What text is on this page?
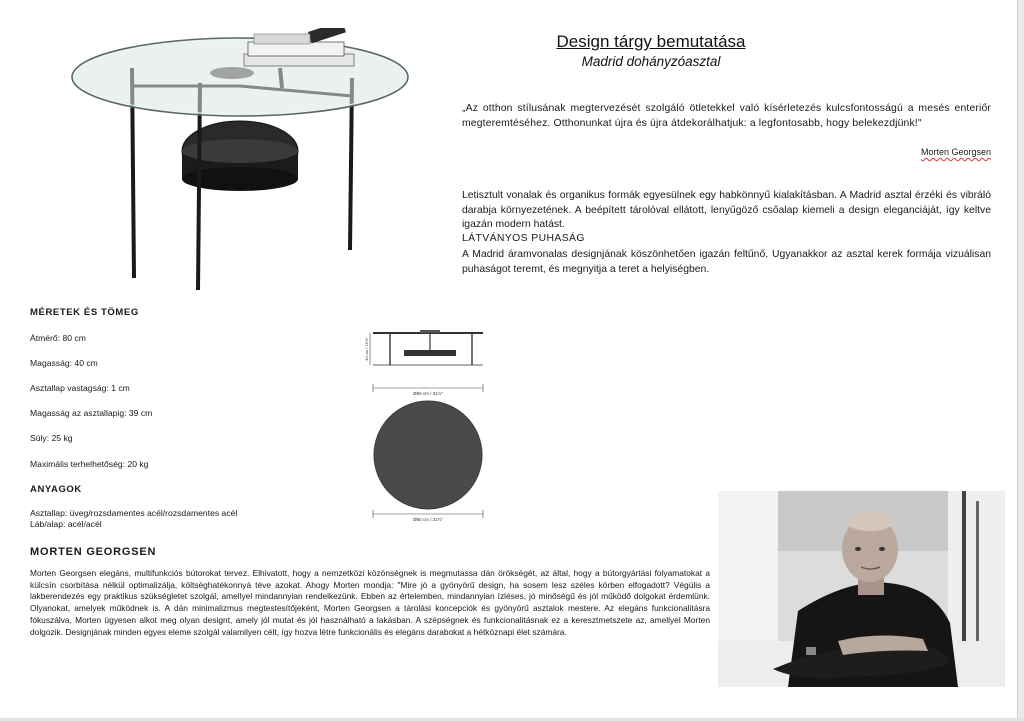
Design tárgy bemutatása
Madrid dohányzóasztal
„Az otthon stílusának megtervezését szolgáló ötletekkel való kísérletezés kulcsfontosságú a mesés enteriőr megteremtéséhez. Otthonunkat újra és újra átdekorálhatjuk: a legfontosabb, hogy belekezdjünk!"
Morten Georgsen
Letisztult vonalak és organikus formák egyesülnek egy habkönnyű kialakításban. A Madrid asztal érzéki és vibráló darabja környezetének. A beépített tárolóval ellátott, lenyűgöző csőalap kiemeli a design eleganciáját, így keltve igazán modern hatást.
LÁTVÁNYOS PUHASÁG
A Madrid áramvonalas designjának köszönhetően igazán feltűnő. Ugyanakkor az asztal kerek formája vizuálisan puhaságot teremt, és megnyitja a teret a helyiségben.
MÉRETEK ÉS TÖMEG
Átmérő: 80 cm
Magasság: 40 cm
Asztallap vastagság: 1 cm
Magasság az asztallapig: 39 cm
Súly: 25 kg
Maximális terhelhetőség: 20 kg
ANYAGOK
Asztallap: üveg/rozsdamentes acél/rozsdamentes acél
Láb/alap: acél/acél
Ø80 cm / 31½"
40 cm / 15¾"
Ø80 cm / 31½"
MORTEN GEORGSEN
Morten Georgsen elegáns, multifunkciós bútorokat tervez. Elhivatott, hogy a nemzetközi közönségnek is megmutassa dán örökségét, az által, hogy a bútorgyártási folyamatokat a külcsín csorbítása nélkül optimalizálja, költséghatékonnyá téve azokat. Ahogy Morten mondja: "Mire jó a gyönyörű design, ha sosem lesz széles körben elfogadott? Végülis a lakberendezés egy praktikus szükségletet szolgál, amellyel mindannyian rendelkezünk. Ebben az értelemben, mindannyian ízléses, jó minőségű és jól működő dolgokat érdemlünk. Olyanokat, amelyek működnek is. A dán minimalizmus megtestesítőjeként, Morten Georgsen a tárolási koncepciók és gyönyörű asztalok mestere. Az elegáns funkcionalitásra fókuszálva, Morten ügyesen alkot meg olyan designt, amely jól mutat és jól használható a lakásban. A szépségnek és funkcionalitásnak ez a keresztmetszete az, amellyel Morten dolgozik. Designjának minden egyes eleme szolgál valamilyen célt, így hozva létre funkcionális és elegáns darabokat a hétköznapi élet számára.
